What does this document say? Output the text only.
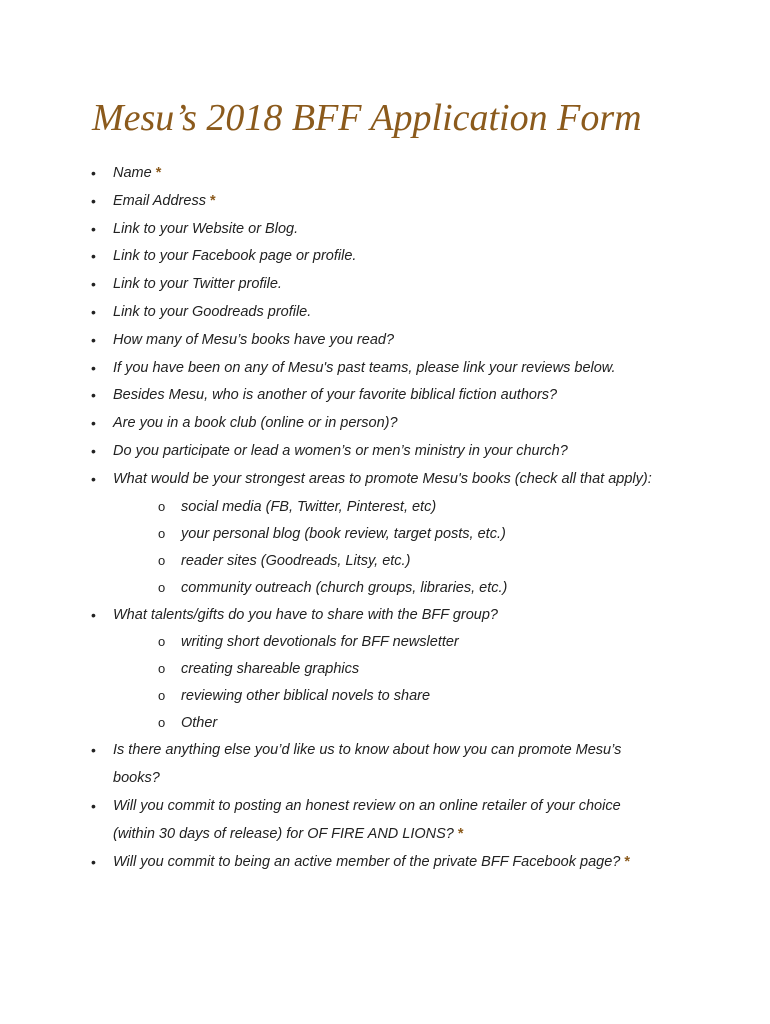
Mesu’s 2018 BFF Application Form
• Name *
• Email Address *
• Link to your Website or Blog.
• Link to your Facebook page or profile.
• Link to your Twitter profile.
• Link to your Goodreads profile.
• How many of Mesu’s books have you read?
• If you have been on any of Mesu's past teams, please link your reviews below.
• Besides Mesu, who is another of your favorite biblical fiction authors?
• Are you in a book club (online or in person)?
• Do you participate or lead a women’s or men’s ministry in your church?
• What would be your strongest areas to promote Mesu's books (check all that apply):
o social media (FB, Twitter, Pinterest, etc)
o your personal blog (book review, target posts, etc.)
o reader sites (Goodreads, Litsy, etc.)
o community outreach (church groups, libraries, etc.)
• What talents/gifts do you have to share with the BFF group?
o writing short devotionals for BFF newsletter
o creating shareable graphics
o reviewing other biblical novels to share
o Other
• Is there anything else you’d like us to know about how you can promote Mesu’s books?
• Will you commit to posting an honest review on an online retailer of your choice (within 30 days of release) for OF FIRE AND LIONS? *
• Will you commit to being an active member of the private BFF Facebook page? *
